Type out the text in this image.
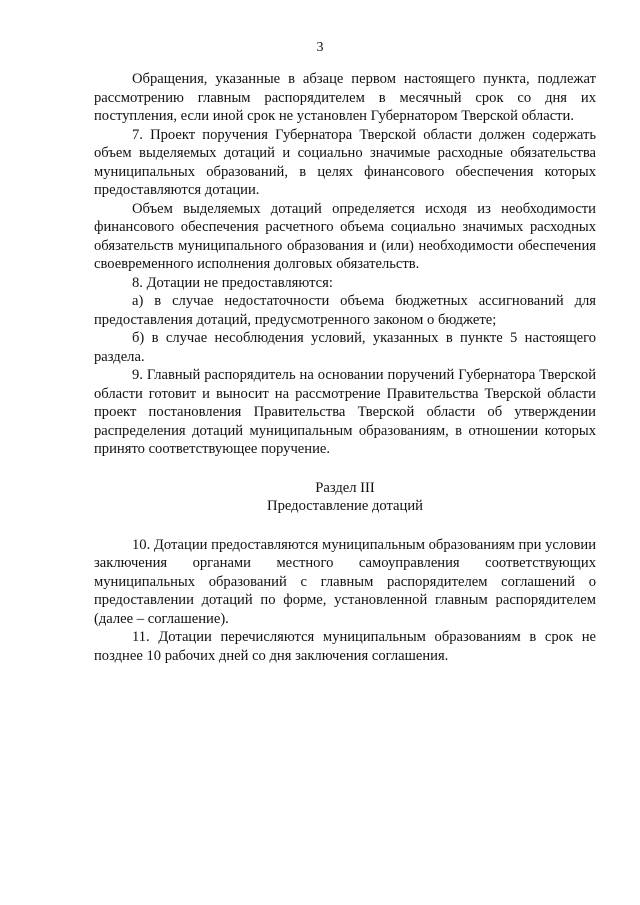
3

Обращения, указанные в абзаце первом настоящего пункта, подлежат рассмотрению главным распорядителем в месячный срок со дня их поступления, если иной срок не установлен Губернатором Тверской области.

7. Проект поручения Губернатора Тверской области должен содержать объем выделяемых дотаций и социально значимые расходные обязательства муниципальных образований, в целях финансового обеспечения которых предоставляются дотации.

Объем выделяемых дотаций определяется исходя из необходимости финансового обеспечения расчетного объема социально значимых расходных обязательств муниципального образования и (или) необходимости обеспечения своевременного исполнения долговых обязательств.

8. Дотации не предоставляются:

а) в случае недостаточности объема бюджетных ассигнований для предоставления дотаций, предусмотренного законом о бюджете;

б) в случае несоблюдения условий, указанных в пункте 5 настоящего раздела.

9. Главный распорядитель на основании поручений Губернатора Тверской области готовит и выносит на рассмотрение Правительства Тверской области проект постановления Правительства Тверской области об утверждении распределения дотаций муниципальным образованиям, в отношении которых принято соответствующее поручение.

Раздел III
Предоставление дотаций

10. Дотации предоставляются муниципальным образованиям при условии заключения органами местного самоуправления соответствующих муниципальных образований с главным распорядителем соглашений о предоставлении дотаций по форме, установленной главным распорядителем (далее – соглашение).

11. Дотации перечисляются муниципальным образованиям в срок не позднее 10 рабочих дней со дня заключения соглашения.
